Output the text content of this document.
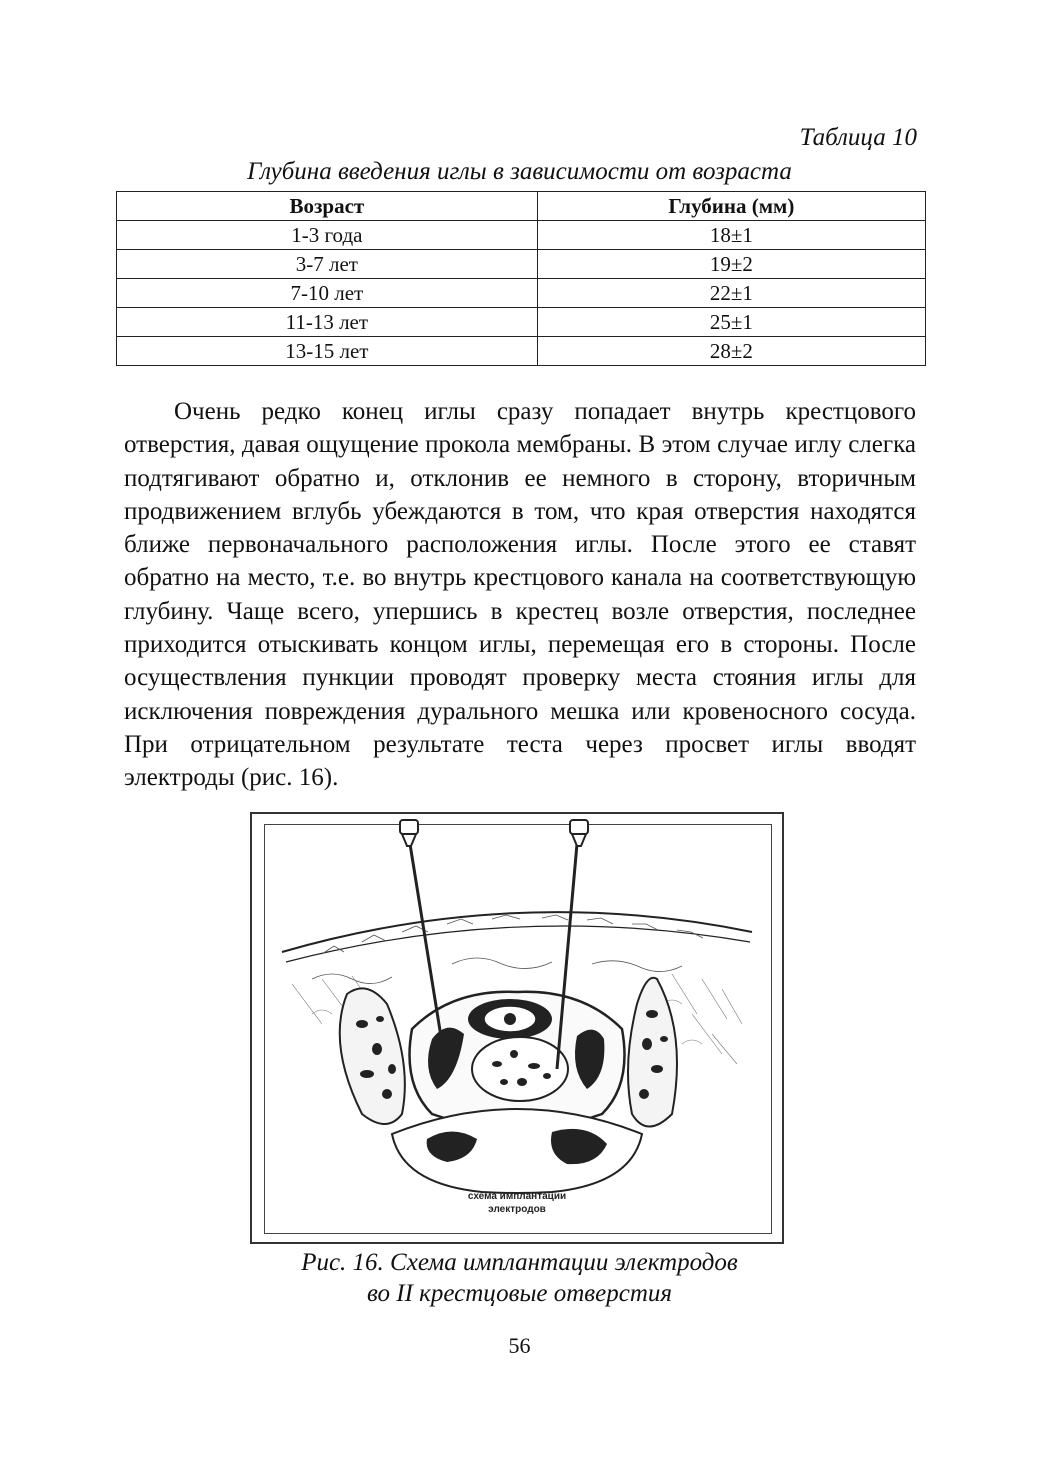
Таблица 10
Глубина введения иглы в зависимости от возраста
Возраст	Глубина (мм)
1-3 года	18±1
3-7 лет	19±2
7-10 лет	22±1
11-13 лет	25±1
13-15 лет	28±2

Очень редко конец иглы сразу попадает внутрь крестцового отверстия, давая ощущение прокола мембраны. В этом случае иглу слегка подтягивают обратно и, отклонив ее немного в сторону, вторичным продвижением вглубь убеждаются в том, что края отверстия находятся ближе первоначального расположения иглы. После этого ее ставят обратно на место, т.е. во внутрь крестцового канала на соответствующую глубину. Чаще всего, упершись в крестец возле отверстия, последнее приходится отыскивать концом иглы, перемещая его в стороны. После осуществления пункции проводят проверку места стояния иглы для исключения повреждения дурального мешка или кровеносного сосуда. При отрицательном результате теста через просвет иглы вводят электроды (рис. 16).

схема имплантации
электродов
Рис. 16. Схема имплантации электродов
во II крестцовые отверстия
56
